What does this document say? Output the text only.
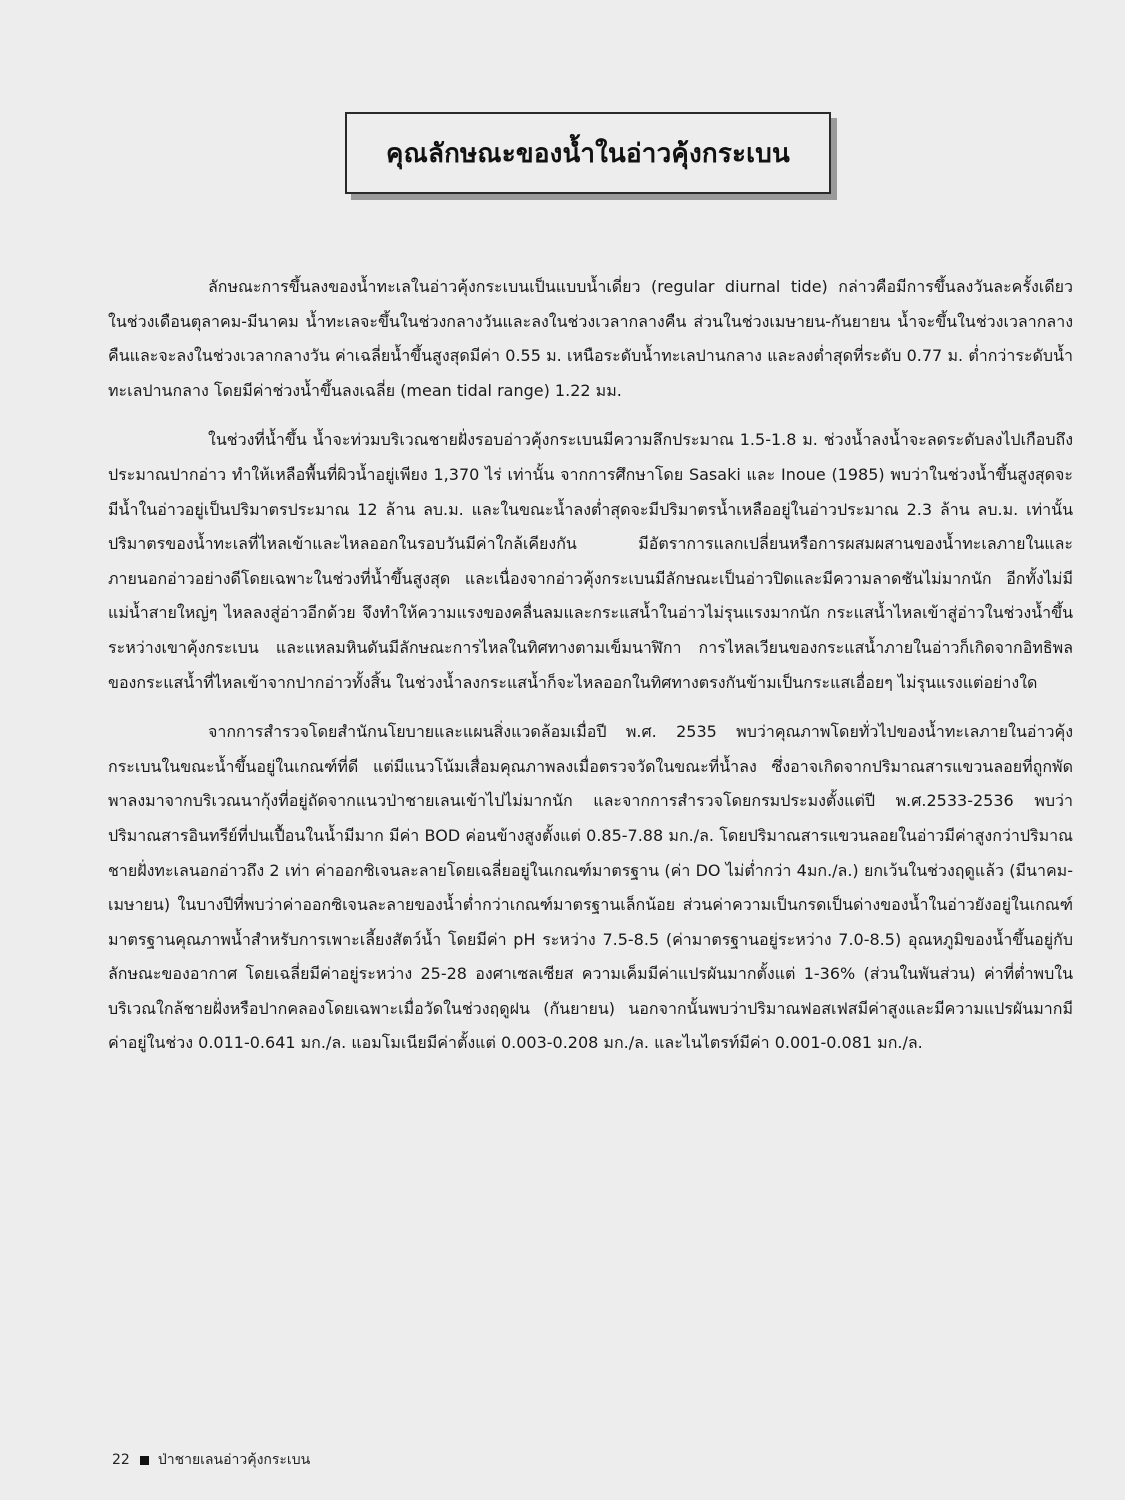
คุณลักษณะของน้ำในอ่าวคุ้งกระเบน

ลักษณะการขึ้นลงของน้ำทะเลในอ่าวคุ้งกระเบนเป็นแบบน้ำเดี่ยว (regular diurnal tide) กล่าวคือมีการขึ้นลงวันละครั้งเดียว ในช่วงเดือนตุลาคม-มีนาคม น้ำทะเลจะขึ้นในช่วงกลางวันและลงในช่วงเวลากลางคืน ส่วนในช่วงเมษายน-กันยายน น้ำจะขึ้นในช่วงเวลากลางคืนและจะลงในช่วงเวลากลางวัน ค่าเฉลี่ยน้ำขึ้นสูงสุดมีค่า 0.55 ม. เหนือระดับน้ำทะเลปานกลาง และลงต่ำสุดที่ระดับ 0.77 ม. ต่ำกว่าระดับน้ำทะเลปานกลาง โดยมีค่าช่วงน้ำขึ้นลงเฉลี่ย (mean tidal range) 1.22 มม.

ในช่วงที่น้ำขึ้น น้ำจะท่วมบริเวณชายฝั่งรอบอ่าวคุ้งกระเบนมีความลึกประมาณ 1.5-1.8 ม. ช่วงน้ำลงน้ำจะลดระดับลงไปเกือบถึงประมาณปากอ่าว ทำให้เหลือพื้นที่ผิวน้ำอยู่เพียง 1,370 ไร่ เท่านั้น จากการศึกษาโดย Sasaki และ Inoue (1985) พบว่าในช่วงน้ำขึ้นสูงสุดจะมีน้ำในอ่าวอยู่เป็นปริมาตรประมาณ 12 ล้าน ลบ.ม. และในขณะน้ำลงต่ำสุดจะมีปริมาตรน้ำเหลืออยู่ในอ่าวประมาณ 2.3 ล้าน ลบ.ม. เท่านั้น ปริมาตรของน้ำทะเลที่ไหลเข้าและไหลออกในรอบวันมีค่าใกล้เคียงกัน มีอัตราการแลกเปลี่ยนหรือการผสมผสานของน้ำทะเลภายในและภายนอกอ่าวอย่างดีโดยเฉพาะในช่วงที่น้ำขึ้นสูงสุด และเนื่องจากอ่าวคุ้งกระเบนมีลักษณะเป็นอ่าวปิดและมีความลาดชันไม่มากนัก อีกทั้งไม่มีแม่น้ำสายใหญ่ๆ ไหลลงสู่อ่าวอีกด้วย จึงทำให้ความแรงของคลื่นลมและกระแสน้ำในอ่าวไม่รุนแรงมากนัก กระแสน้ำไหลเข้าสู่อ่าวในช่วงน้ำขึ้นระหว่างเขาคุ้งกระเบน และแหลมหินดันมีลักษณะการไหลในทิศทางตามเข็มนาฬิกา การไหลเวียนของกระแสน้ำภายในอ่าวก็เกิดจากอิทธิพลของกระแสน้ำที่ไหลเข้าจากปากอ่าวทั้งสิ้น ในช่วงน้ำลงกระแสน้ำก็จะไหลออกในทิศทางตรงกันข้ามเป็นกระแสเอื่อยๆ ไม่รุนแรงแต่อย่างใด

จากการสำรวจโดยสำนักนโยบายและแผนสิ่งแวดล้อมเมื่อปี พ.ศ. 2535 พบว่าคุณภาพโดยทั่วไปของน้ำทะเลภายในอ่าวคุ้งกระเบนในขณะน้ำขึ้นอยู่ในเกณฑ์ที่ดี แต่มีแนวโน้มเสื่อมคุณภาพลงเมื่อตรวจวัดในขณะที่น้ำลง ซึ่งอาจเกิดจากปริมาณสารแขวนลอยที่ถูกพัดพาลงมาจากบริเวณนากุ้งที่อยู่ถัดจากแนวป่าชายเลนเข้าไปไม่มากนัก และจากการสำรวจโดยกรมประมงตั้งแต่ปี พ.ศ.2533-2536 พบว่าปริมาณสารอินทรีย์ที่ปนเปื้อนในน้ำมีมาก มีค่า BOD ค่อนข้างสูงตั้งแต่ 0.85-7.88 มก./ล. โดยปริมาณสารแขวนลอยในอ่าวมีค่าสูงกว่าปริมาณชายฝั่งทะเลนอกอ่าวถึง 2 เท่า ค่าออกซิเจนละลายโดยเฉลี่ยอยู่ในเกณฑ์มาตรฐาน (ค่า DO ไม่ต่ำกว่า 4มก./ล.) ยกเว้นในช่วงฤดูแล้ว (มีนาคม-เมษายน) ในบางปีที่พบว่าค่าออกซิเจนละลายของน้ำต่ำกว่าเกณฑ์มาตรฐานเล็กน้อย ส่วนค่าความเป็นกรดเป็นด่างของน้ำในอ่าวยังอยู่ในเกณฑ์มาตรฐานคุณภาพน้ำสำหรับการเพาะเลี้ยงสัตว์น้ำ โดยมีค่า pH ระหว่าง 7.5-8.5 (ค่ามาตรฐานอยู่ระหว่าง 7.0-8.5) อุณหภูมิของน้ำขึ้นอยู่กับลักษณะของอากาศ โดยเฉลี่ยมีค่าอยู่ระหว่าง 25-28 องศาเซลเซียส ความเค็มมีค่าแปรผันมากตั้งแต่ 1-36% (ส่วนในพันส่วน) ค่าที่ต่ำพบในบริเวณใกล้ชายฝั่งหรือปากคลองโดยเฉพาะเมื่อวัดในช่วงฤดูฝน (กันยายน) นอกจากนั้นพบว่าปริมาณฟอสเฟสมีค่าสูงและมีความแปรผันมากมีค่าอยู่ในช่วง 0.011-0.641 มก./ล. แอมโมเนียมีค่าตั้งแต่ 0.003-0.208 มก./ล. และไนไตรท์มีค่า 0.001-0.081 มก./ล.

22 ป่าชายเลนอ่าวคุ้งกระเบน
